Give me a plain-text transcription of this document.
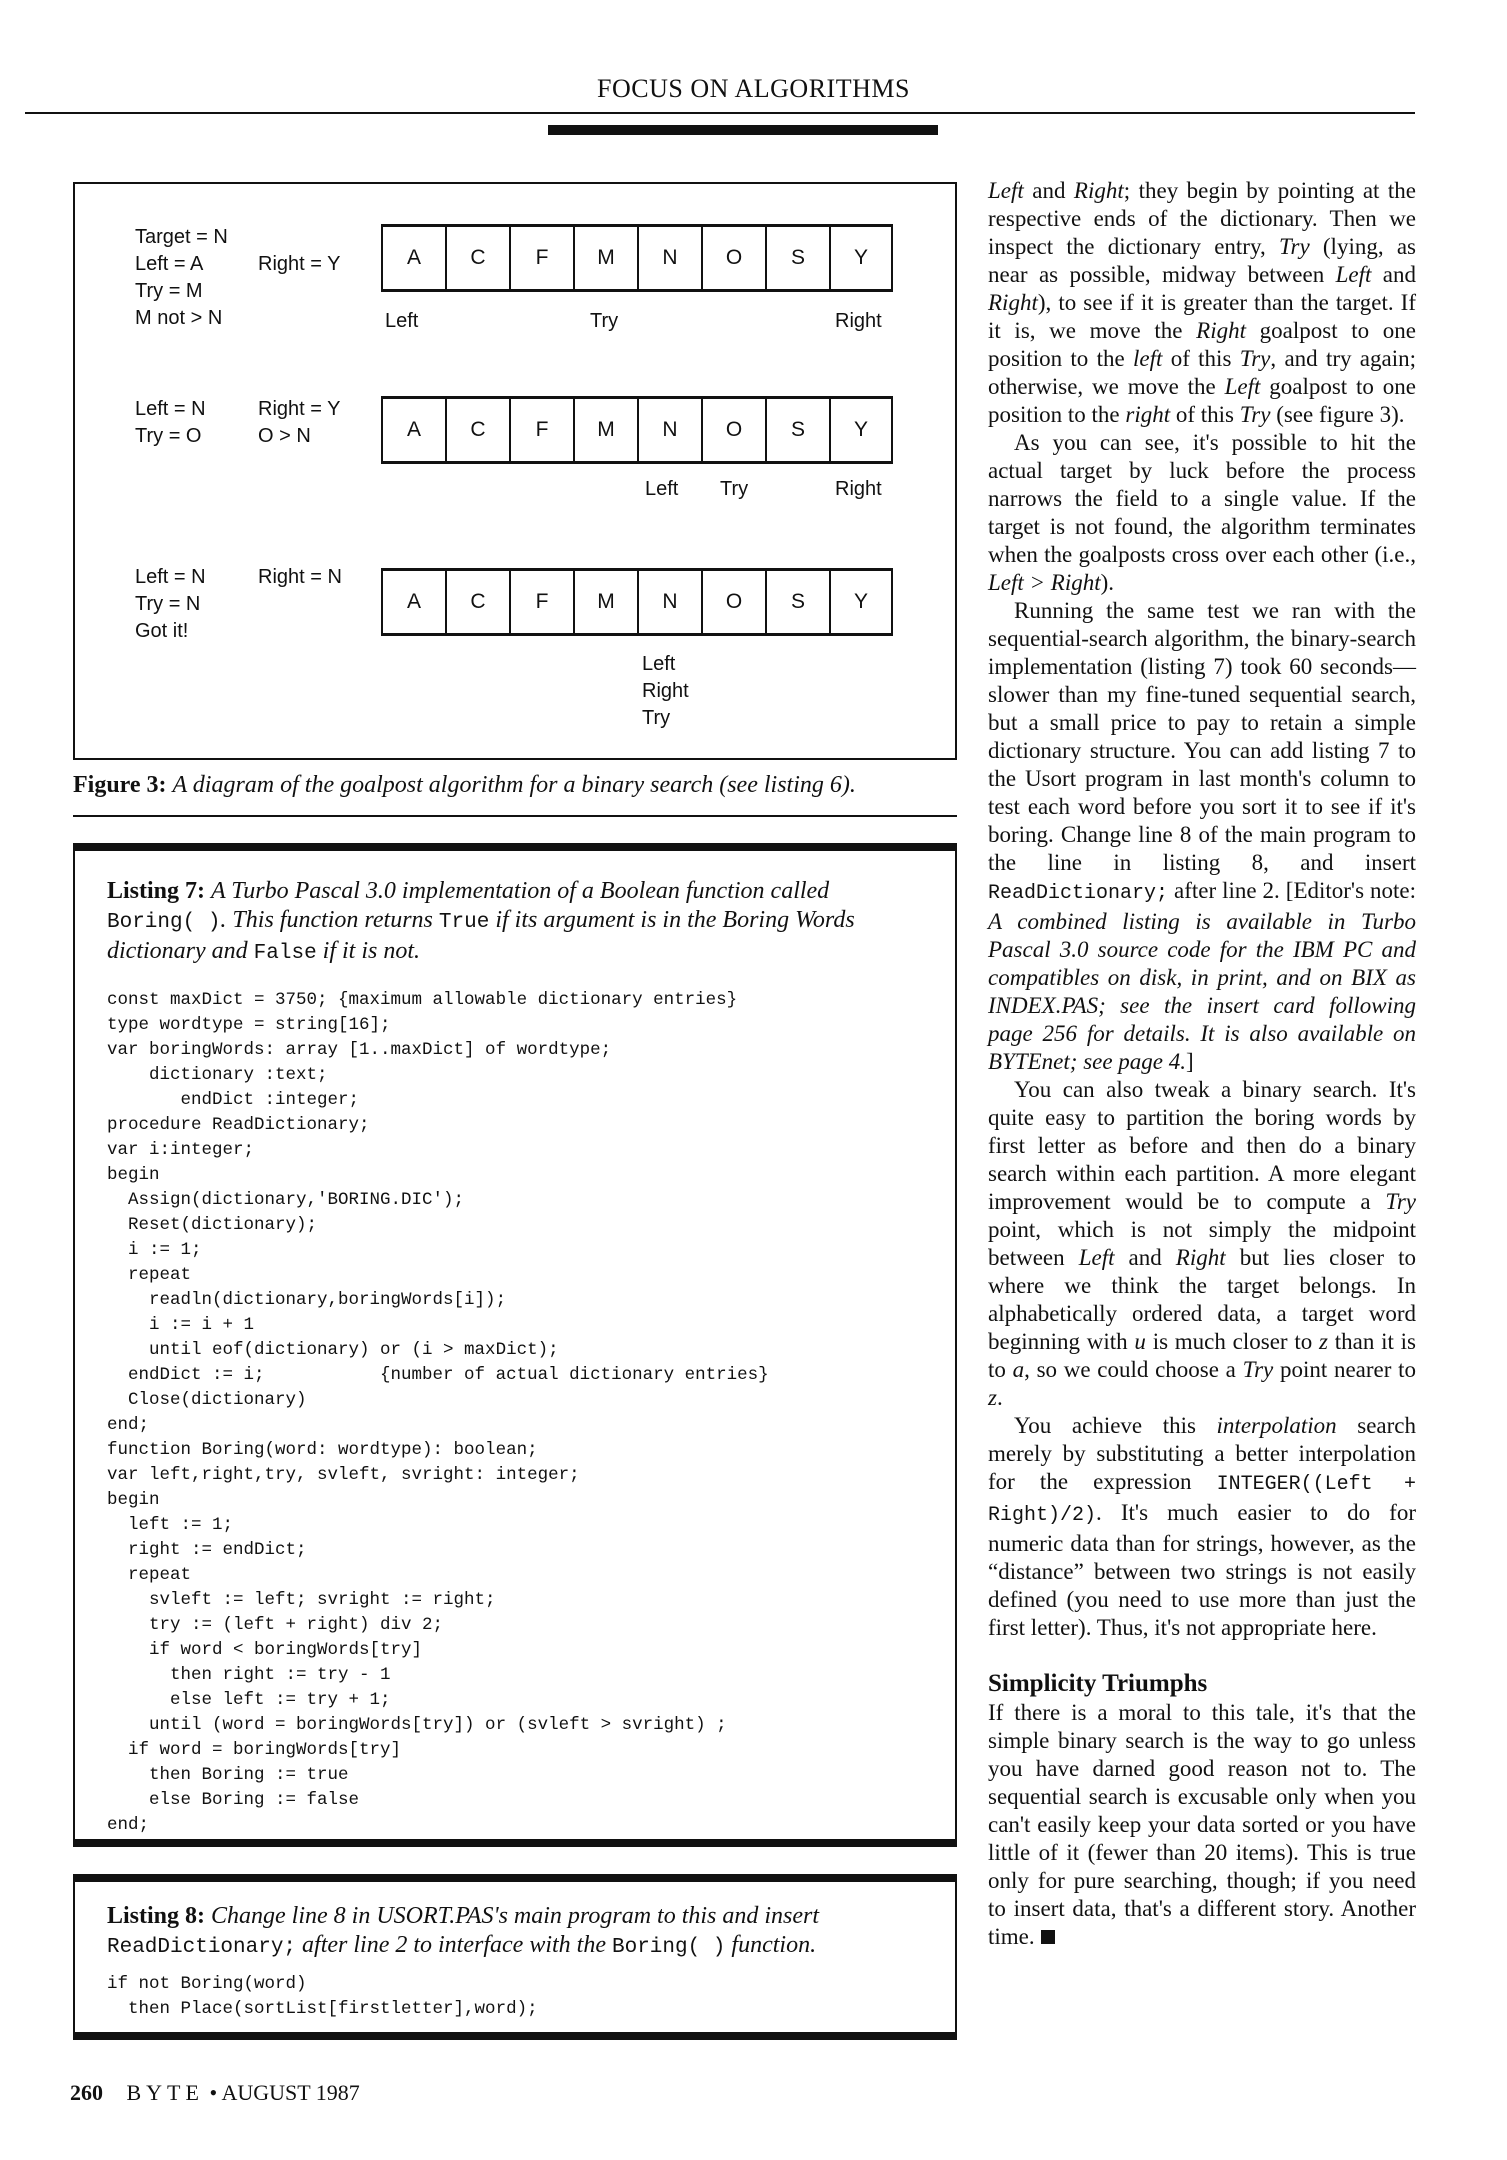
FOCUS ON ALGORITHMS
Target = N
Left = A
Try = M
M not > N
Right = Y	A	C	F	M	N	O	S	Y
Left	Try	Right
Left = N
Try = O
Right = Y
O > N	A	C	F	M	N	O	S	Y
Left Try	Right
Left = N
Try = N
Got it!
Right = N
A	C	F	M	N	O	S	Y
Left
Right
Try
Figure 3: A diagram of the goalpost algorithm for a binary search (see listing 6).
Listing 7: A Turbo Pascal 3.0 implementation of a Boolean function called Boring( ). This function returns True if its argument is in the Boring Words dictionary and False if it is not.
const maxDict = 3750; {maximum allowable dictionary entries}
type wordtype = string[16];
var boringWords: array [1..maxDict] of wordtype;
dictionary :text;
endDict :integer;
procedure ReadDictionary;
var i:integer;
begin
Assign(dictionary,'BORING.DIC');
Reset(dictionary);
i := 1;
repeat
readln(dictionary,boringWords[i]);
i := i + 1
until eof(dictionary) or (i > maxDict);
endDict := i;           {number of actual dictionary entries}
Close(dictionary)
end;
function Boring(word: wordtype): boolean;
var left,right,try, svleft, svright: integer;
begin
left := 1;
right := endDict;
repeat
svleft := left; svright := right;
try := (left + right) div 2;
if word < boringWords[try]
then right := try - 1
else left := try + 1;
until (word = boringWords[try]) or (svleft > svright) ;
if word = boringWords[try]
then Boring := true
else Boring := false
end;
Listing 8: Change line 8 in USORT.PAS's main program to this and insert ReadDictionary; after line 2 to interface with the Boring( ) function.
if not Boring(word)
then Place(sortList[firstletter],word);

Left and Right; they begin by pointing at the respective ends of the dictionary. Then we inspect the dictionary entry, Try (lying, as near as possible, midway between Left and Right), to see if it is greater than the target. If it is, we move the Right goalpost to one position to the left of this Try, and try again; otherwise, we move the Left goalpost to one position to the right of this Try (see figure 3).

As you can see, it's possible to hit the actual target by luck before the process narrows the field to a single value. If the target is not found, the algorithm terminates when the goalposts cross over each other (i.e., Left > Right).

Running the same test we ran with the sequential-search algorithm, the binary-search implementation (listing 7) took 60 seconds—slower than my fine-tuned sequential search, but a small price to pay to retain a simple dictionary structure. You can add listing 7 to the Usort program in last month's column to test each word before you sort it to see if it's boring. Change line 8 of the main program to the line in listing 8, and insert ReadDictionary; after line 2. [Editor's note: A combined listing is available in Turbo Pascal 3.0 source code for the IBM PC and compatibles on disk, in print, and on BIX as INDEX.PAS; see the insert card following page 256 for details. It is also available on BYTEnet; see page 4.]

You can also tweak a binary search. It's quite easy to partition the boring words by first letter as before and then do a binary search within each partition. A more elegant improvement would be to compute a Try point, which is not simply the midpoint between Left and Right but lies closer to where we think the target belongs. In alphabetically ordered data, a target word beginning with u is much closer to z than it is to a, so we could choose a Try point nearer to z.

You achieve this interpolation search merely by substituting a better interpolation for the expression INTEGER((Left + Right)/2). It's much easier to do for numeric data than for strings, however, as the “distance” between two strings is not easily defined (you need to use more than just the first letter). Thus, it's not appropriate here.

Simplicity Triumphs

If there is a moral to this tale, it's that the simple binary search is the way to go unless you have darned good reason not to. The sequential search is excusable only when you can't easily keep your data sorted or you have little of it (fewer than 20 items). This is true only for pure searching, though; if you need to insert data, that's a different story. Another time.

260 BYTE • AUGUST 1987
